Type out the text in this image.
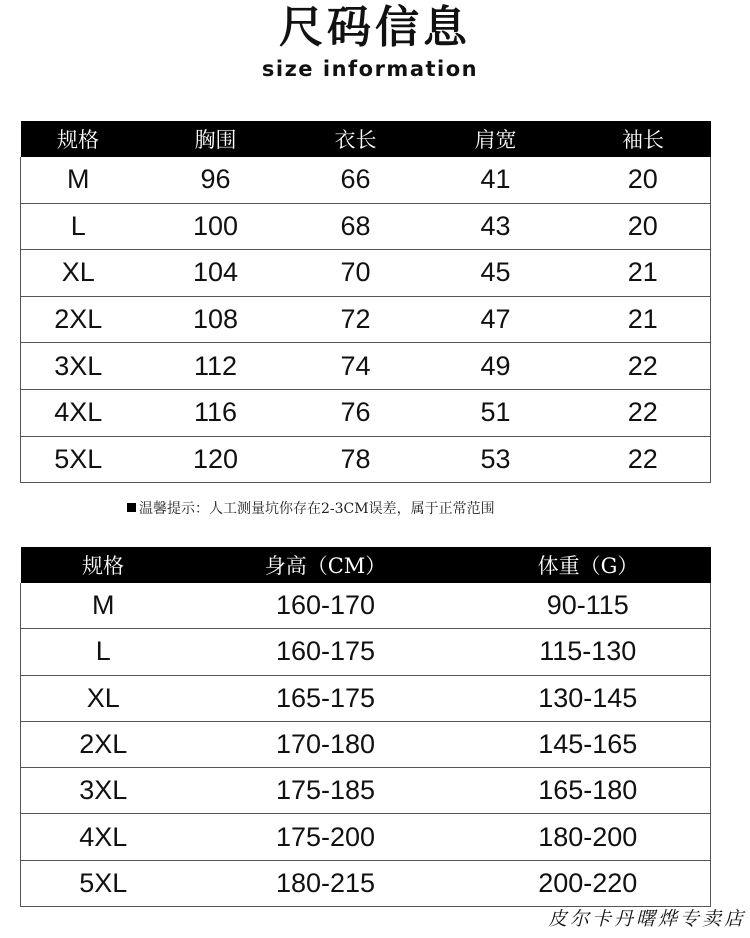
尺码信息
size information
规格	胸围	衣长	肩宽	袖长
M	96	66	41	20
L	100	68	43	20
XL	104	70	45	21
2XL	108	72	47	21
3XL	112	74	49	22
4XL	116	76	51	22
5XL	120	78	53	22
温馨提示：人工测量坑你存在2-3CM误差，属于正常范围
规格	身高（CM）	体重（G）
M	160-170	90-115
L	160-175	115-130
XL	165-175	130-145
2XL	170-180	145-165
3XL	175-185	165-180
4XL	175-200	180-200
5XL	180-215	200-220
皮尔卡丹曙烨专卖店
